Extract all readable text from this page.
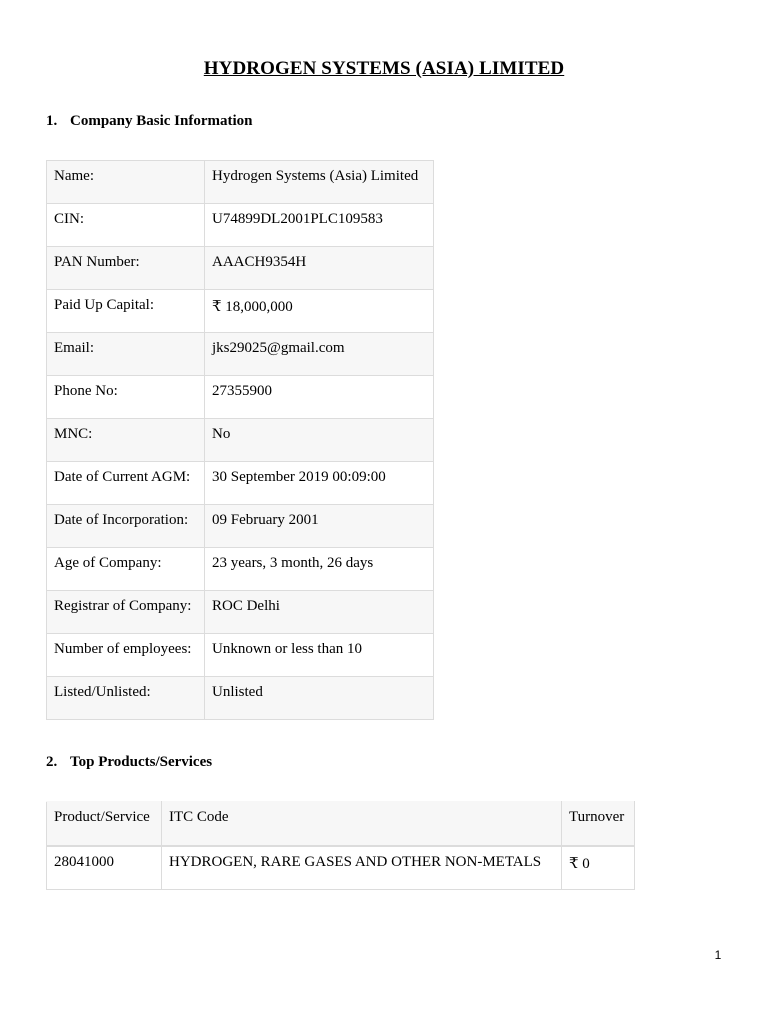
HYDROGEN SYSTEMS (ASIA) LIMITED
1. Company Basic Information
Name:	Hydrogen Systems (Asia) Limited
CIN:	U74899DL2001PLC109583
PAN Number:	AAACH9354H
Paid Up Capital:	₹ 18,000,000
Email:	jks29025@gmail.com
Phone No:	27355900
MNC:	No
Date of Current AGM:	30 September 2019 00:09:00
Date of Incorporation:	09 February 2001
Age of Company:	23 years, 3 month, 26 days
Registrar of Company:	ROC Delhi
Number of employees:	Unknown or less than 10
Listed/Unlisted:	Unlisted
2. Top Products/Services
Product/Service	ITC Code	Turnover
28041000	HYDROGEN, RARE GASES AND OTHER NON-METALS	₹ 0
1
